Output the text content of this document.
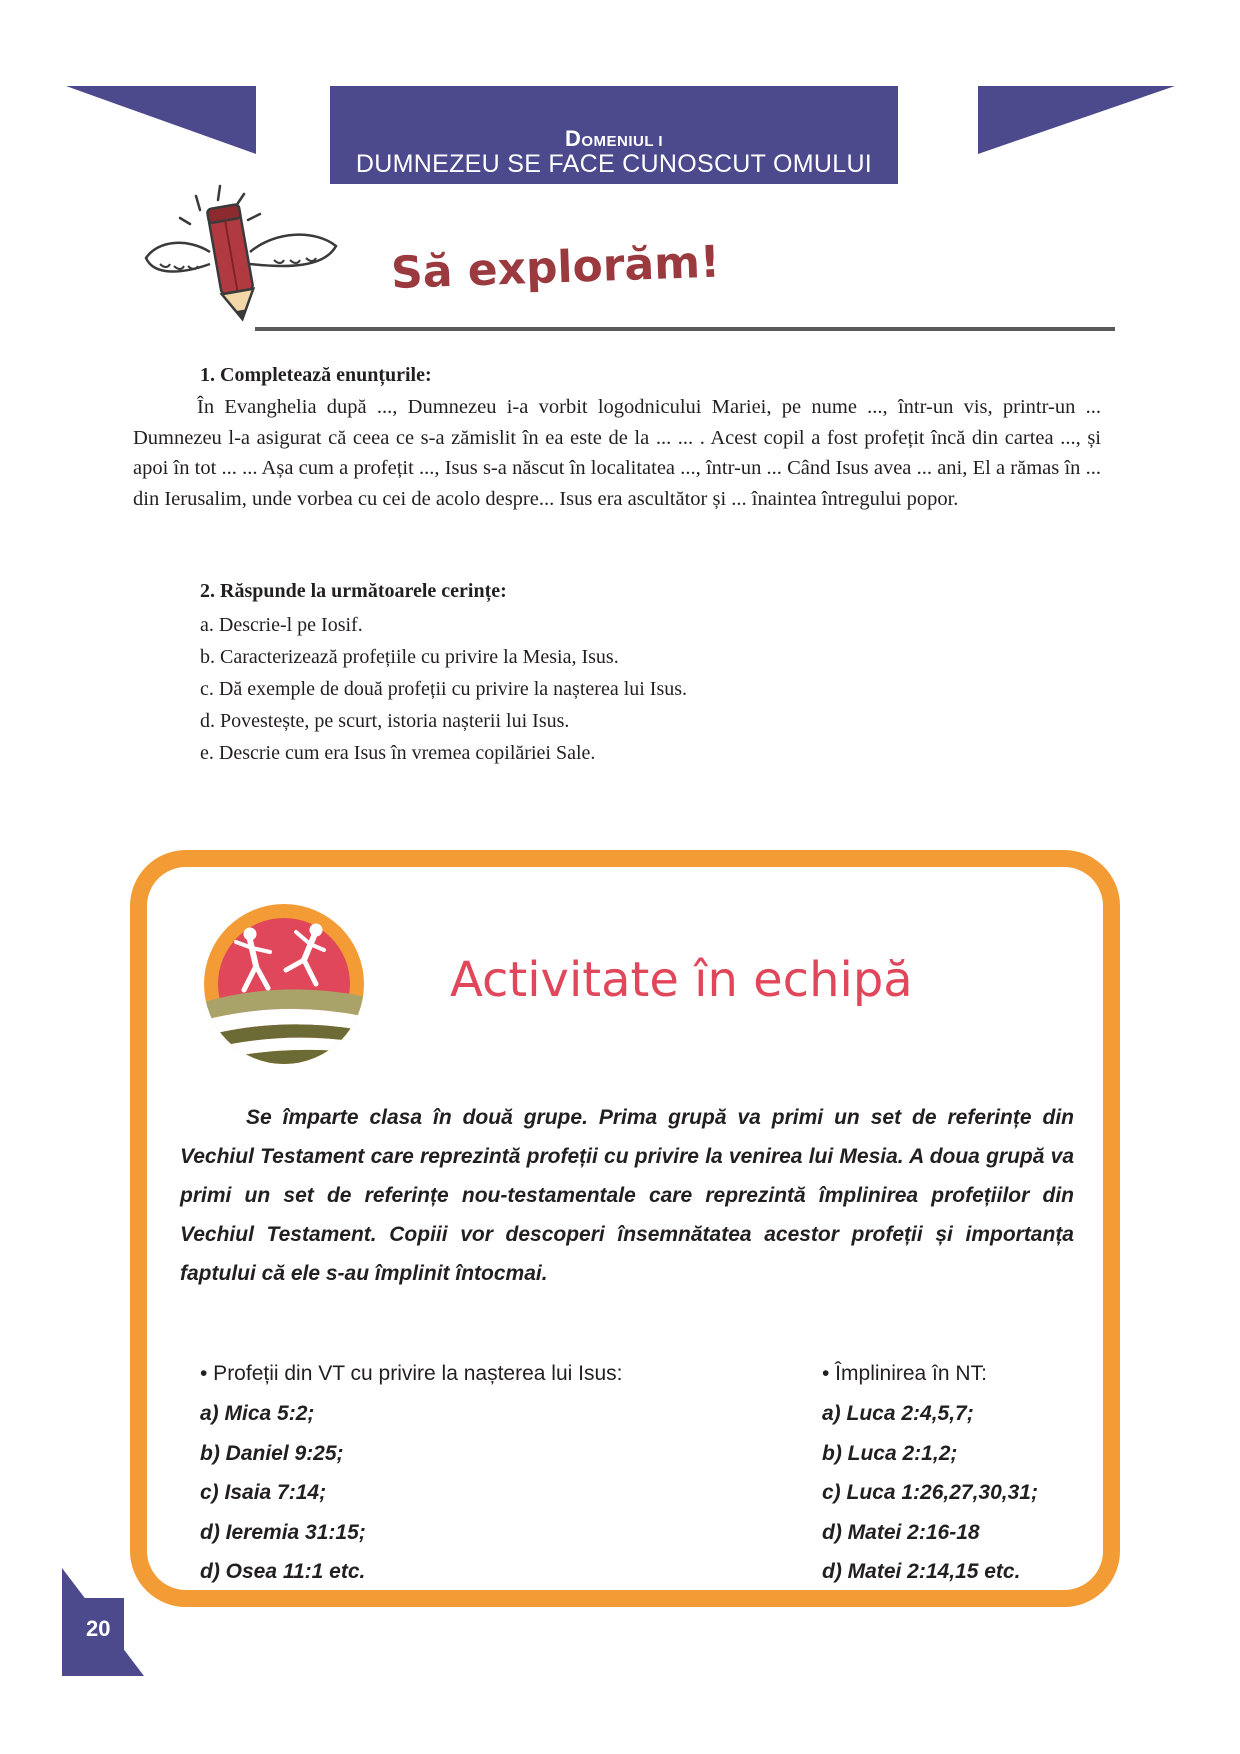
DOMENIUL I
DUMNEZEU SE FACE CUNOSCUT OMULUI
Să explorăm!
1. Completează enunțurile:
În Evanghelia după ..., Dumnezeu i-a vorbit logodnicului Mariei, pe nume ..., într-un vis, printr-un ... Dumnezeu l-a asigurat că ceea ce s-a zămislit în ea este de la ... ... . Acest copil a fost profețit încă din cartea ..., și apoi în tot ... ... Așa cum a profețit ..., Isus s-a născut în localitatea ..., într-un ... Când Isus avea ... ani, El a rămas în ... din Ierusalim, unde vorbea cu cei de acolo despre... Isus era ascultător și ... înaintea întregului popor.
2. Răspunde la următoarele cerințe:
a. Descrie-l pe Iosif.
b. Caracterizează profețiile cu privire la Mesia, Isus.
c. Dă exemple de două profeții cu privire la nașterea lui Isus.
d. Povestește, pe scurt, istoria nașterii lui Isus.
e. Descrie cum era Isus în vremea copilăriei Sale.
Activitate în echipă
Se împarte clasa în două grupe. Prima grupă va primi un set de referințe din Vechiul Testament care reprezintă profeții cu privire la venirea lui Mesia. A doua grupă va primi un set de referințe nou-testamentale care reprezintă împlinirea profețiilor din Vechiul Testament. Copiii vor descoperi însemnătatea acestor profeții și importanța faptului că ele s-au împlinit întocmai.
• Profeții din VT cu privire la nașterea lui Isus:
a) Mica 5:2;
b) Daniel 9:25;
c) Isaia 7:14;
d) Ieremia 31:15;
d) Osea 11:1 etc.
• Împlinirea în NT:
a) Luca 2:4,5,7;
b) Luca 2:1,2;
c) Luca 1:26,27,30,31;
d) Matei 2:16-18
d) Matei 2:14,15 etc.
20
